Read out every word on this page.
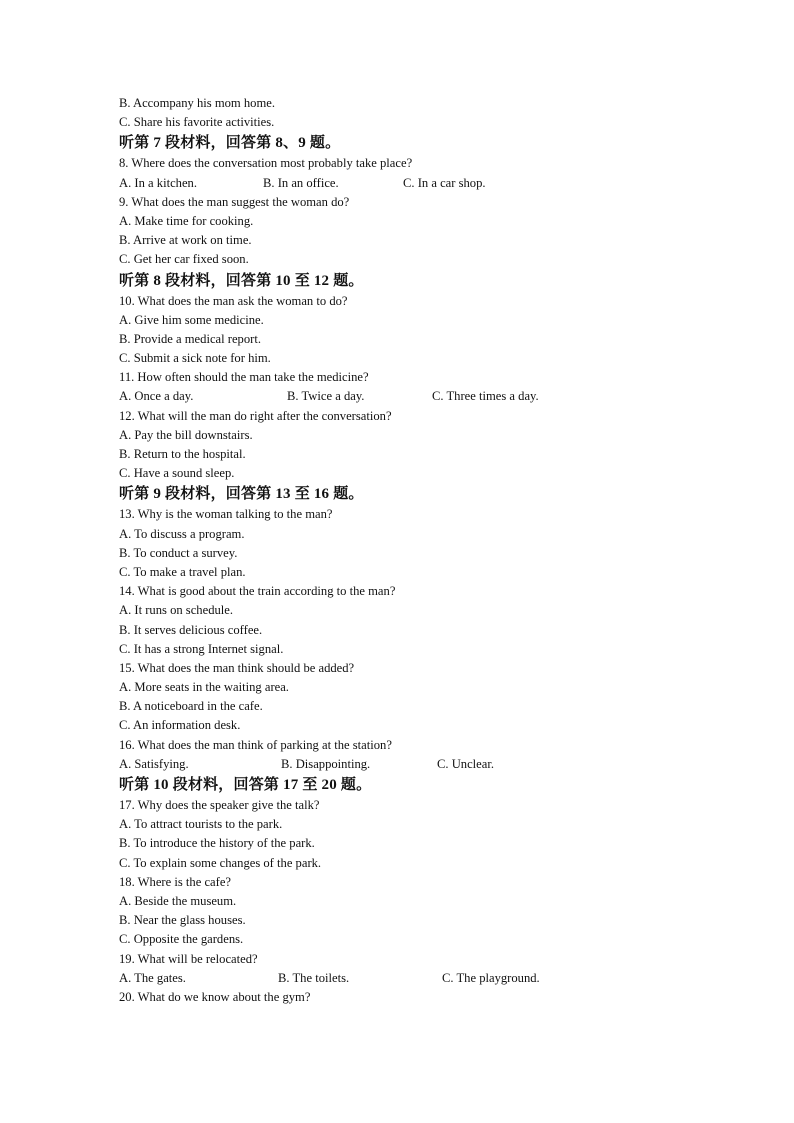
B. Accompany his mom home.
C. Share his favorite activities.
听第 7 段材料，回答第 8、9 题。
8. Where does the conversation most probably take place?
A. In a kitchen.	B. In an office.	C. In a car shop.
9. What does the man suggest the woman do?
A. Make time for cooking.
B. Arrive at work on time.
C. Get her car fixed soon.
听第 8 段材料，回答第 10 至 12 题。
10. What does the man ask the woman to do?
A. Give him some medicine.
B. Provide a medical report.
C. Submit a sick note for him.
11. How often should the man take the medicine?
A. Once a day.	B. Twice a day.	C. Three times a day.
12. What will the man do right after the conversation?
A. Pay the bill downstairs.
B. Return to the hospital.
C. Have a sound sleep.
听第 9 段材料，回答第 13 至 16 题。
13. Why is the woman talking to the man?
A. To discuss a program.
B. To conduct a survey.
C. To make a travel plan.
14. What is good about the train according to the man?
A. It runs on schedule.
B. It serves delicious coffee.
C. It has a strong Internet signal.
15. What does the man think should be added?
A. More seats in the waiting area.
B. A noticeboard in the cafe.
C. An information desk.
16. What does the man think of parking at the station?
A. Satisfying.	B. Disappointing.	C. Unclear.
听第 10 段材料，回答第 17 至 20 题。
17. Why does the speaker give the talk?
A. To attract tourists to the park.
B. To introduce the history of the park.
C. To explain some changes of the park.
18. Where is the cafe?
A. Beside the museum.
B. Near the glass houses.
C. Opposite the gardens.
19. What will be relocated?
A. The gates.	B. The toilets.	C. The playground.
20. What do we know about the gym?
